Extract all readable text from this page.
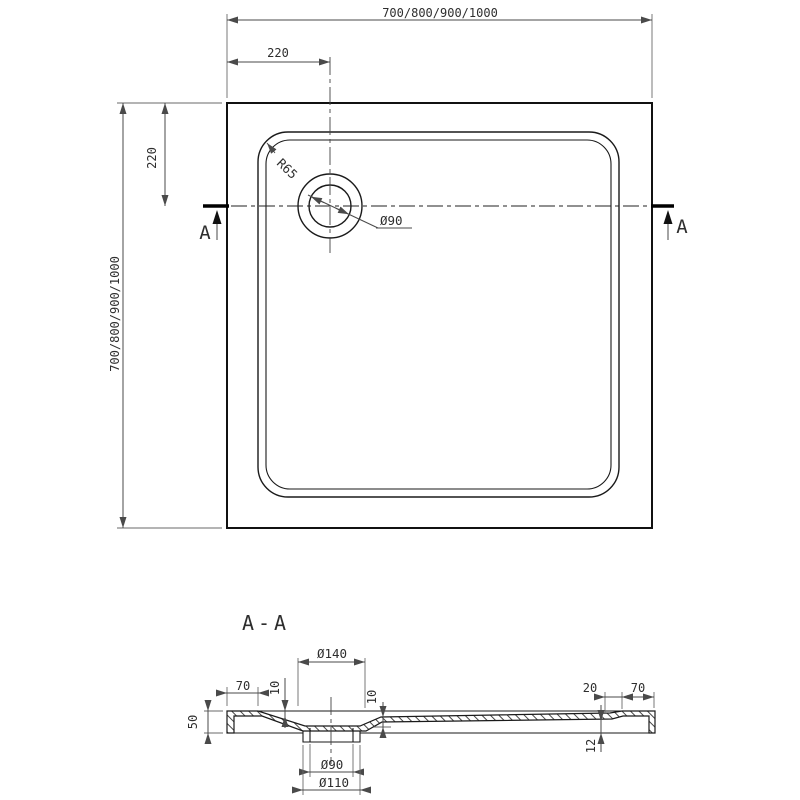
A	A
700/800/900/1000
220
700/800/900/1000
220	R65
Ø90
A-A
Ø140
70 10
10
20	70
12
50
Ø90
Ø110
